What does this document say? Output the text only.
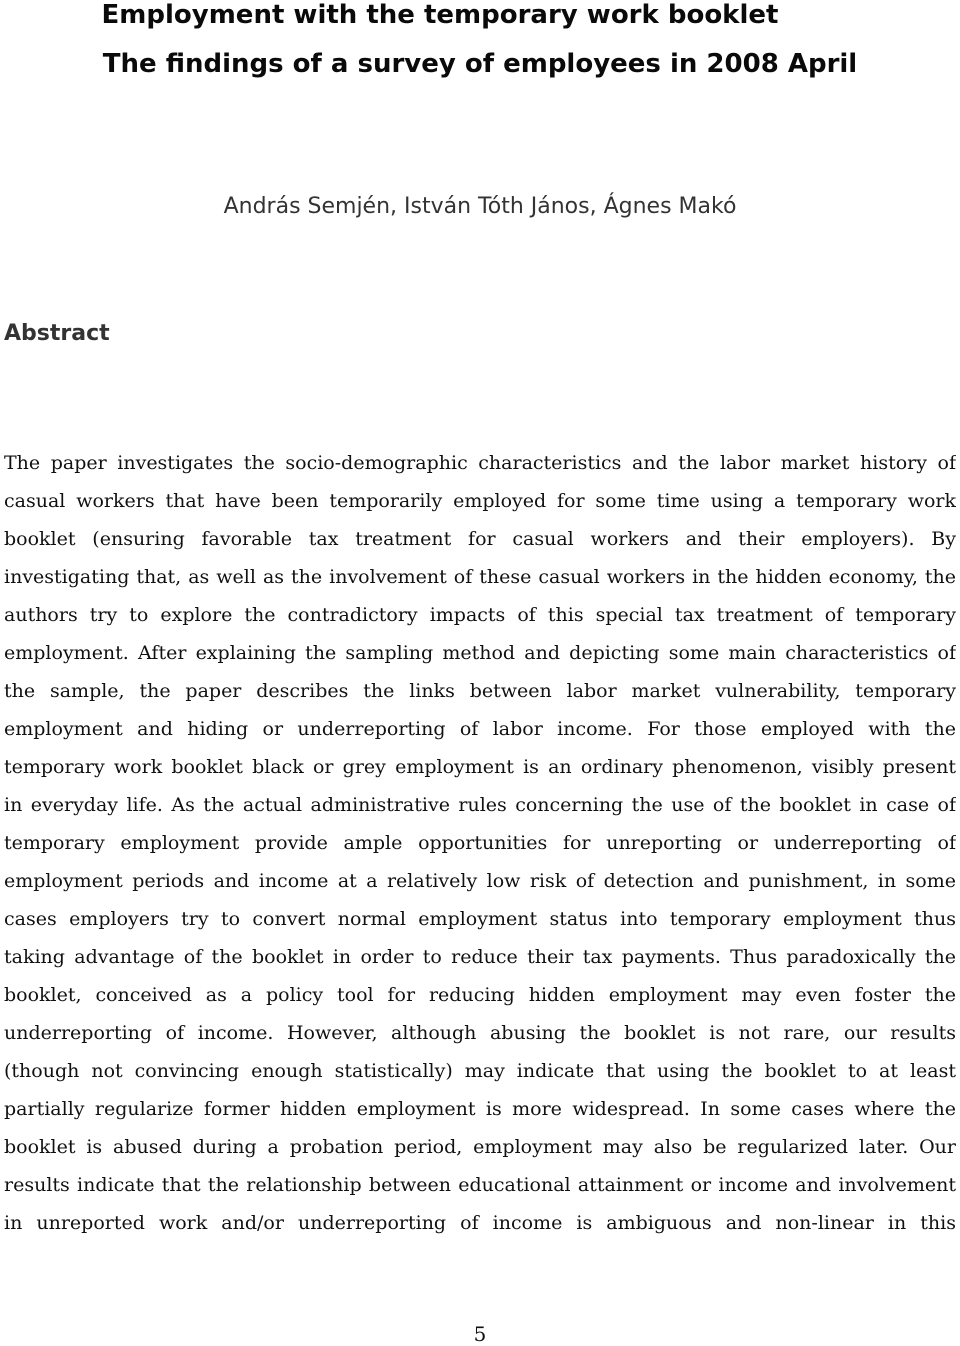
Employment with the temporary work booklet
The findings of a survey of employees in 2008 April

András Semjén, István Tóth János, Ágnes Makó

Abstract
The paper investigates the socio-demographic characteristics and the labor market history of
casual workers that have been temporarily employed for some time using a temporary work
booklet (ensuring favorable tax treatment for casual workers and their employers). By
investigating that, as well as the involvement of these casual workers in the hidden economy, the
authors try to explore the contradictory impacts of this special tax treatment of temporary
employment. After explaining the sampling method and depicting some main characteristics of
the sample, the paper describes the links between labor market vulnerability, temporary
employment and hiding or underreporting of labor income. For those employed with the
temporary work booklet black or grey employment is an ordinary phenomenon, visibly present
in everyday life. As the actual administrative rules concerning the use of the booklet in case of
temporary employment provide ample opportunities for unreporting or underreporting of
employment periods and income at a relatively low risk of detection and punishment, in some
cases employers try to convert normal employment status into temporary employment thus
taking advantage of the booklet in order to reduce their tax payments. Thus paradoxically the
booklet, conceived as a policy tool for reducing hidden employment may even foster the
underreporting of income. However, although abusing the booklet is not rare, our results
(though not convincing enough statistically) may indicate that using the booklet to at least
partially regularize former hidden employment is more widespread. In some cases where the
booklet is abused during a probation period, employment may also be regularized later. Our
results indicate that the relationship between educational attainment or income and involvement
in unreported work and/or underreporting of income is ambiguous and non-linear in this

5
